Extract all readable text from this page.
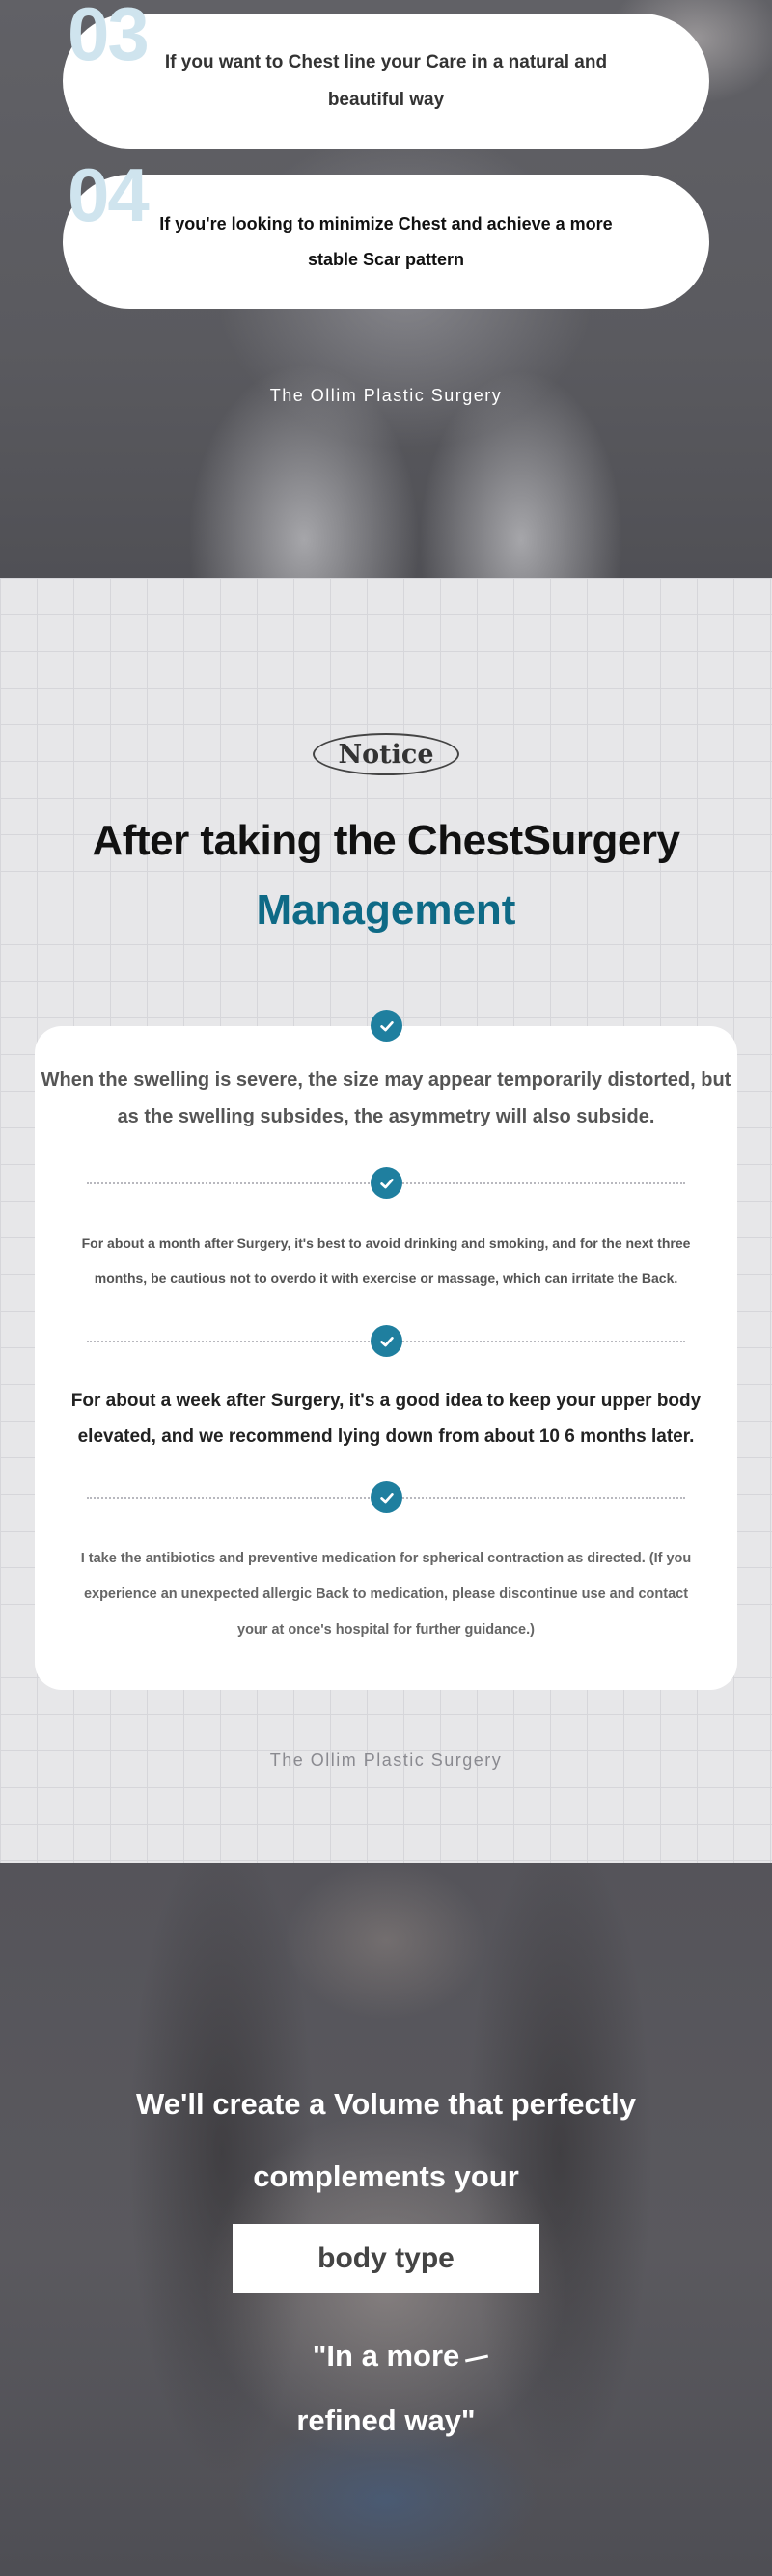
03 If you want to Chest line your Care in a natural and beautiful way
04 If you're looking to minimize Chest and achieve a more stable Scar pattern
The Ollim Plastic Surgery
Notice
After taking the ChestSurgery
Management
The Ollim Plastic Surgery
When the swelling is severe, the size may appear temporarily distorted, but as the swelling subsides, the asymmetry will also subside.
For about a month after Surgery, it's best to avoid drinking and smoking, and for the next three months, be cautious not to overdo it with exercise or massage, which can irritate the Back.
For about a week after Surgery, it's a good idea to keep your upper body elevated, and we recommend lying down from about 10 6 months later.
I take the antibiotics and preventive medication for spherical contraction as directed. (If you experience an unexpected allergic Back to medication, please discontinue use and contact your at once's hospital for further guidance.)
We'll create a Volume that perfectly
complements your
body type
"In a more
refined way"
